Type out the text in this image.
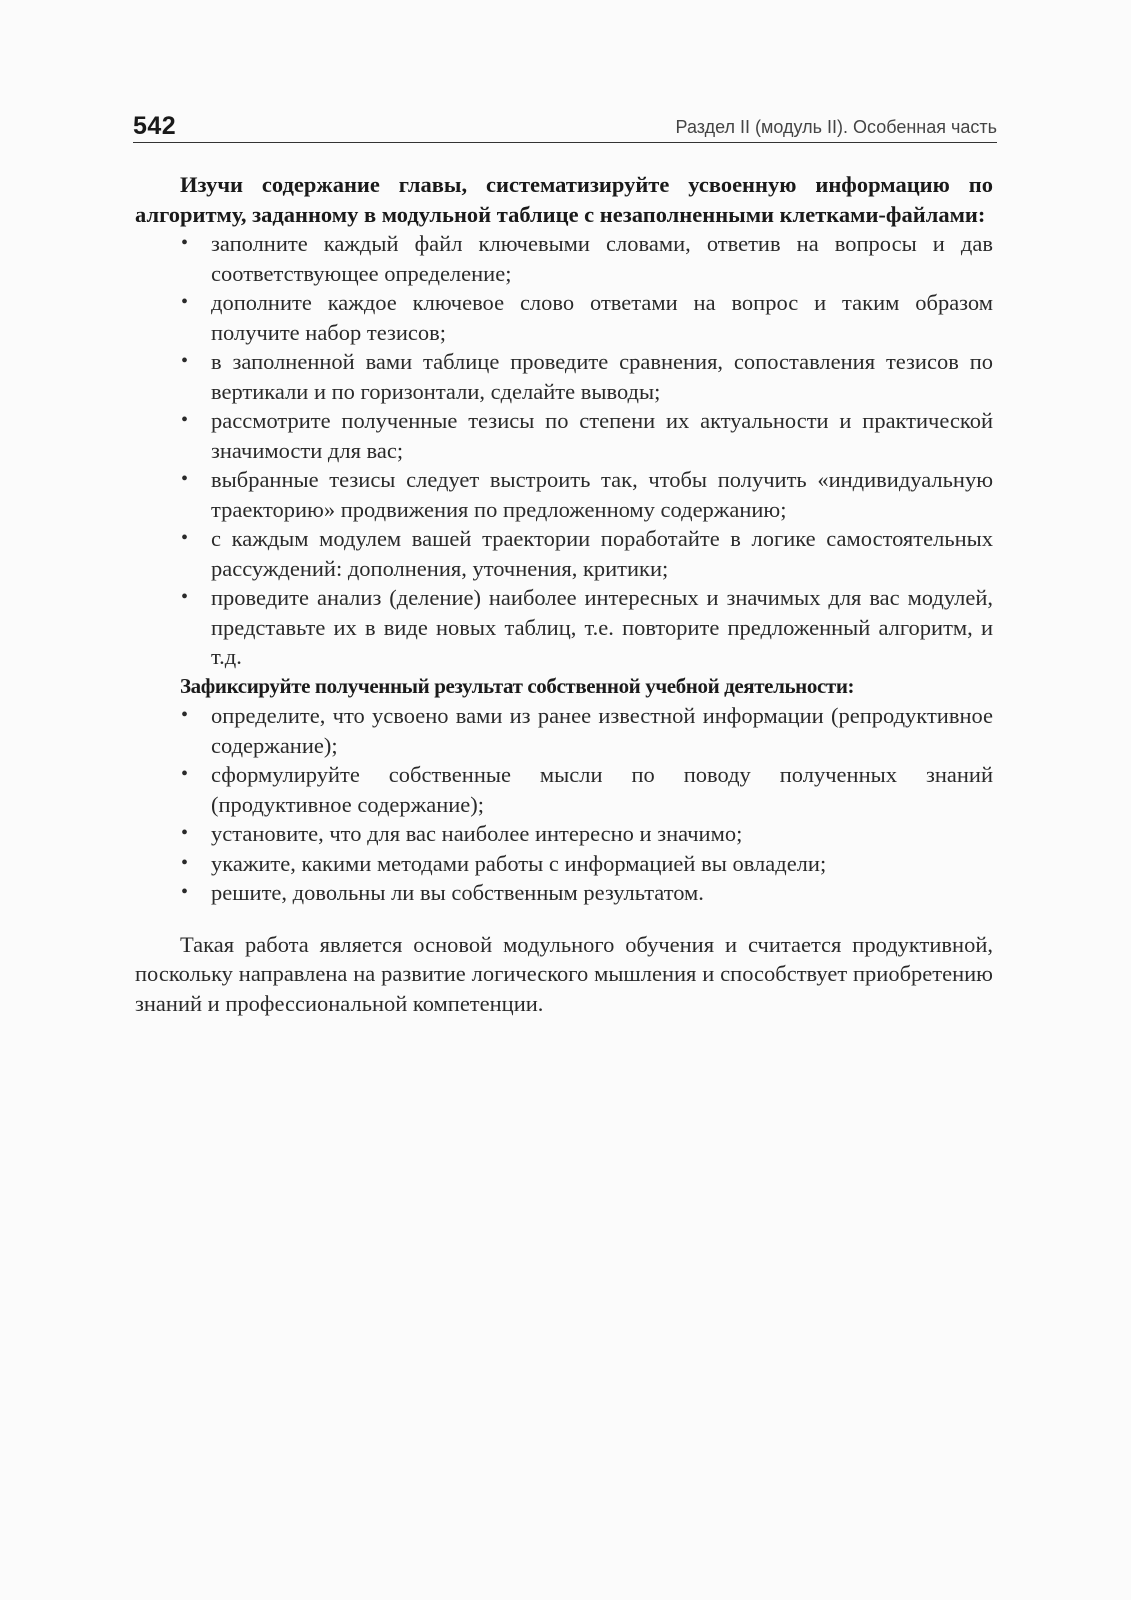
542	Раздел II (модуль II). Особенная часть

Изучи содержание главы, систематизируйте усвоенную информацию по алгоритму, заданному в модульной таблице с незаполненными клетками-файлами:

• заполните каждый файл ключевыми словами, ответив на вопросы и дав соответствующее определение;
• дополните каждое ключевое слово ответами на вопрос и таким образом получите набор тезисов;
• в заполненной вами таблице проведите сравнения, сопоставления тезисов по вертикали и по горизонтали, сделайте выводы;
• рассмотрите полученные тезисы по степени их актуальности и практической значимости для вас;
• выбранные тезисы следует выстроить так, чтобы получить «индивидуальную траекторию» продвижения по предложенному содержанию;
• с каждым модулем вашей траектории поработайте в логике самостоятельных рассуждений: дополнения, уточнения, критики;
• проведите анализ (деление) наиболее интересных и значимых для вас модулей, представьте их в виде новых таблиц, т.е. повторите предложенный алгоритм, и т.д.
Зафиксируйте полученный результат собственной учебной деятельности:
• определите, что усвоено вами из ранее известной информации (репродуктивное содержание);
• сформулируйте собственные мысли по поводу полученных знаний (продуктивное содержание);
• установите, что для вас наиболее интересно и значимо;
• укажите, какими методами работы с информацией вы овладели;
• решите, довольны ли вы собственным результатом.

Такая работа является основой модульного обучения и считается продуктивной, поскольку направлена на развитие логического мышления и способствует приобретению знаний и профессиональной компетенции.
